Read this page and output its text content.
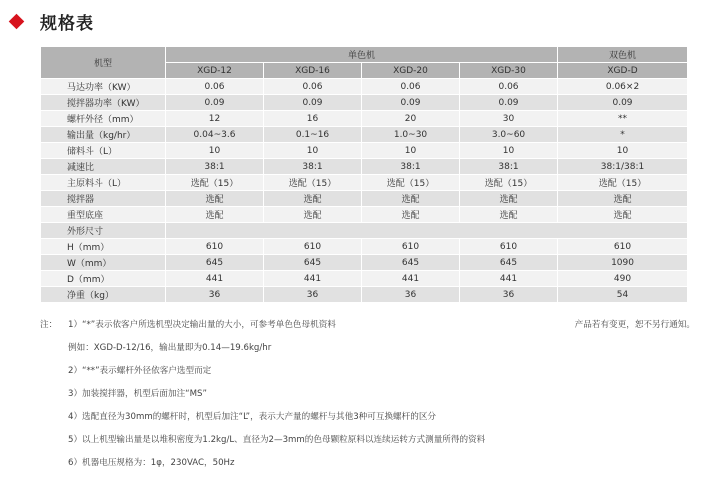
规格表
机型	单色机				双色机
	XGD-12	XGD-16	XGD-20	XGD-30	XGD-D
马达功率（KW）	0.06	0.06	0.06	0.06	0.06×2
搅拌器功率（KW）	0.09	0.09	0.09	0.09	0.09
螺杆外径（mm）	12	16	20	30	**
输出量（kg/hr）	0.04~3.6	0.1~16	1.0~30	3.0~60	*
储料斗（L）	10	10	10	10	10
减速比	38:1	38:1	38:1	38:1	38:1/38:1
主原料斗（L）	选配（15）	选配（15）	选配（15）	选配（15）	选配（15）
搅拌器	选配	选配	选配	选配	选配
重型底座	选配	选配	选配	选配	选配
外形尺寸					
H（mm）	610	610	610	610	610
W（mm）	645	645	645	645	1090
D（mm）	441	441	441	441	490
净重（kg）	36	36	36	36	54
注：	产品若有变更，恕不另行通知。
1）“*”表示依客户所选机型决定输出量的大小，可参考单色色母机资料
例如：XGD-D-12/16，输出量即为0.14—19.6kg/hr
2）“**”表示螺杆外径依客户选型而定
3）加装搅拌器，机型后面加注“MS”
4）选配直径为30mm的螺杆时，机型后加注“L”，表示大产量的螺杆与其他3种可互换螺杆的区分
5）以上机型输出量是以堆积密度为1.2kg/L、直径为2—3mm的色母颗粒原料以连续运转方式测量所得的资料
6）机器电压规格为：1φ，230VAC，50Hz
